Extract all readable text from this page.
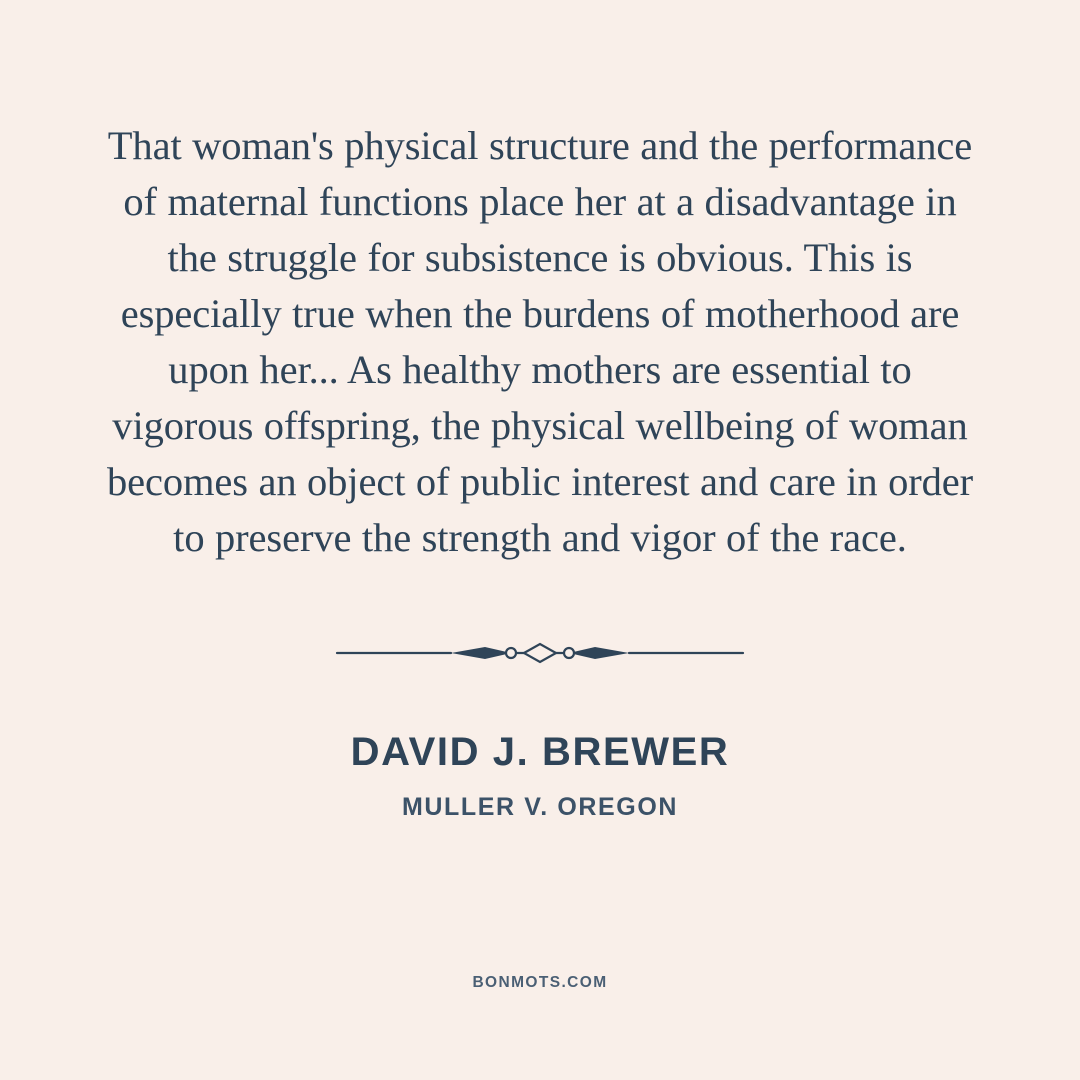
That woman's physical structure and the performance of maternal functions place her at a disadvantage in the struggle for subsistence is obvious. This is especially true when the burdens of motherhood are upon her... As healthy mothers are essential to vigorous offspring, the physical wellbeing of woman becomes an object of public interest and care in order to preserve the strength and vigor of the race.
DAVID J. BREWER
MULLER V. OREGON
BONMOTS.COM
